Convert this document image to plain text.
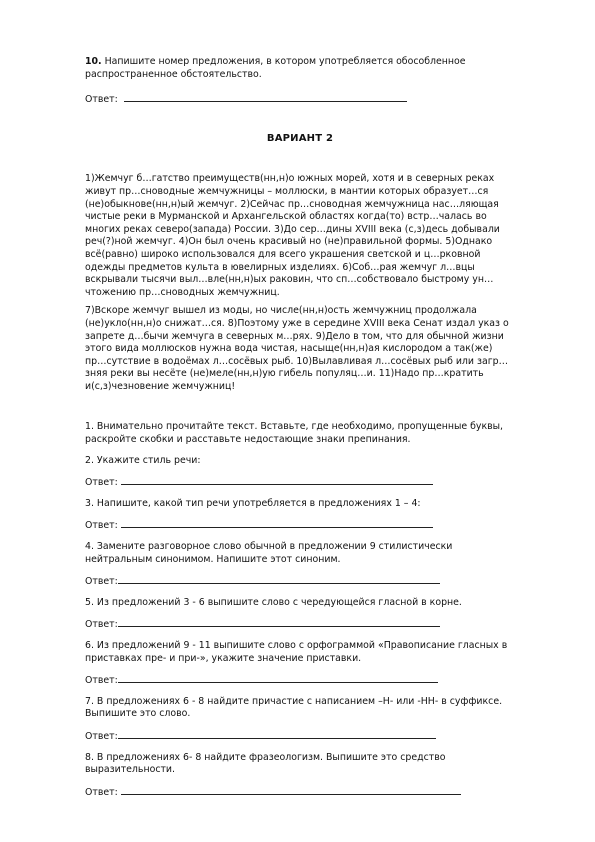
10. Напишите номер предложения, в котором употребляется обособленное распространенное обстоятельство.

Ответ:
ВАРИАНТ 2

1)Жемчуг б…гатство преимуществ(нн,н)о южных морей, хотя и в северных реках живут пр…сноводные жемчужницы – моллюски, в мантии которых образует…ся (не)обыкнове(нн,н)ый жемчуг. 2)Сейчас пр…сноводная жемчужница нас…ляющая чистые реки в Мурманской и Архангельской областях когда(то) встр…чалась во многих реках северо(запада) России. 3)До сер…дины XVIII века (с,з)десь добывали реч(?)ной жемчуг. 4)Он был очень красивый но (не)правильной формы. 5)Однако всё(равно) широко использовался для всего украшения светской и ц…рковной одежды предметов культа в ювелирных изделиях. 6)Соб…рая жемчуг л…вцы вскрывали тысячи выл…вле(нн,н)ых раковин, что сп…собствовало быстрому ун…чтожению пр…сноводных жемчужниц.

7)Вскоре жемчуг вышел из моды, но числе(нн,н)ость жемчужниц продолжала (не)укло(нн,н)о снижат…ся. 8)Поэтому уже в середине XVIII века Сенат издал указ о запрете д…бычи жемчуга в северных м…рях. 9)Дело в том, что для обычной жизни этого вида моллюсков нужна вода чистая, насыще(нн,н)ая кислородом а так(же) пр…сутствие в водоёмах л…сосёвых рыб. 10)Вылавливая л…сосёвых рыб или загр…зняя реки вы несёте (не)меле(нн,н)ую гибель популяц…и. 11)Надо пр…кратить и(с,з)чезновение жемчужниц!

1. Внимательно прочитайте текст. Вставьте, где необходимо, пропущенные буквы, раскройте скобки и расставьте недостающие знаки препинания.
2. Укажите стиль речи:
Ответ:
3. Напишите, какой тип речи употребляется в предложениях 1 – 4:
Ответ:
4. Замените разговорное слово обычной в предложении 9 стилистически нейтральным синонимом. Напишите этот синоним.
Ответ:
5. Из предложений 3 - 6 выпишите слово с чередующейся гласной в корне.
Ответ:
6. Из предложений 9 - 11 выпишите слово с орфограммой «Правописание гласных в приставках пре- и при-», укажите значение приставки.
Ответ:
7. В предложениях 6 - 8 найдите причастие с написанием –Н- или -НН- в суффиксе. Выпишите это слово.
Ответ:
8. В предложениях 6- 8 найдите фразеологизм. Выпишите это средство выразительности.
Ответ:
